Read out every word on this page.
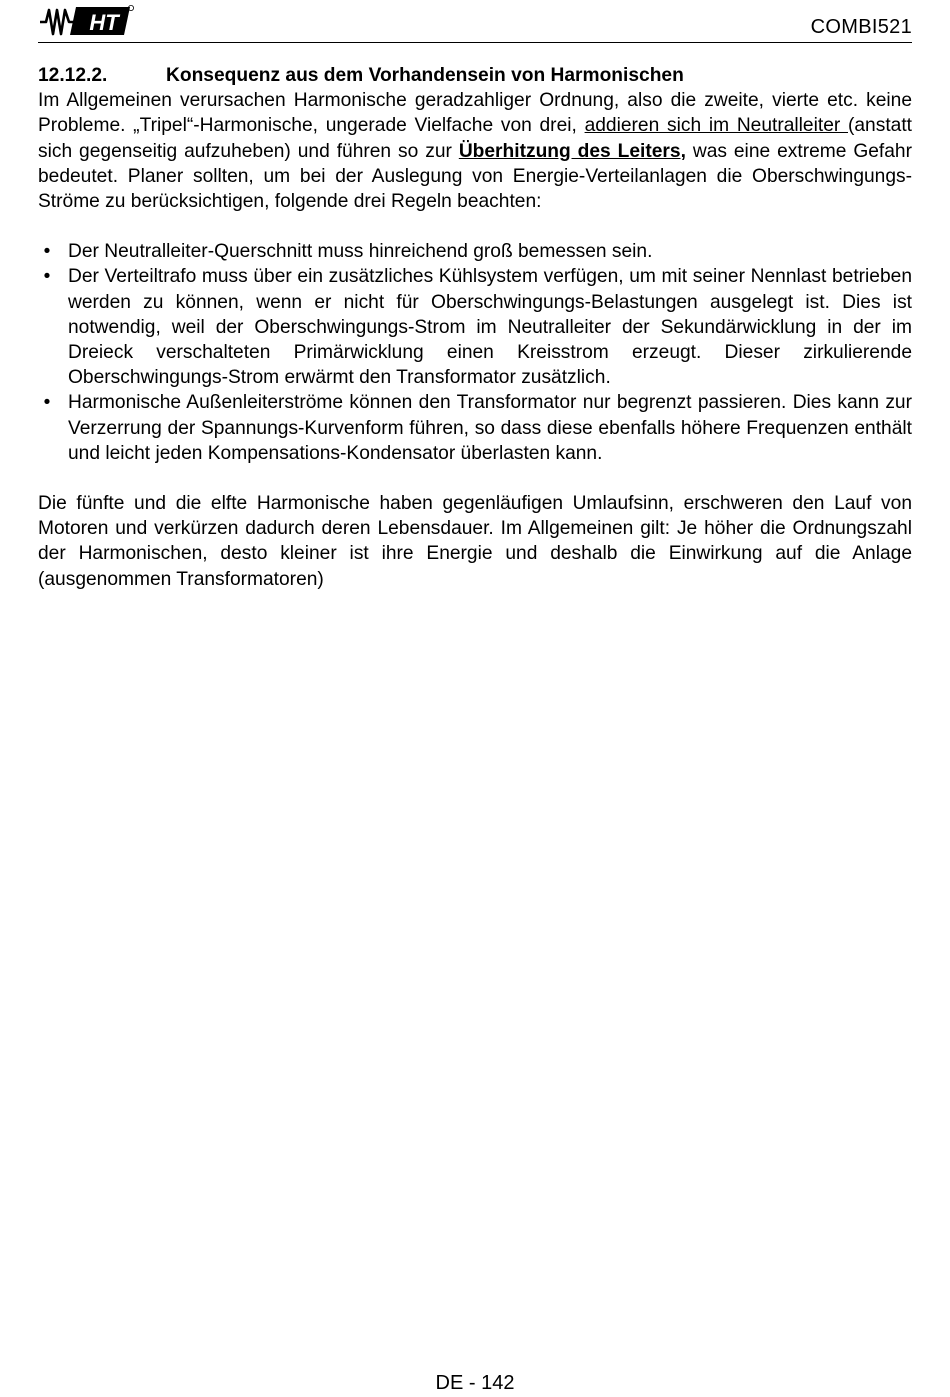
HT	COMBI521
12.12.2.	Konsequenz aus dem Vorhandensein von Harmonischen

Im Allgemeinen verursachen Harmonische geradzahliger Ordnung, also die zweite, vierte etc. keine Probleme. „Tripel“-Harmonische, ungerade Vielfache von drei, addieren sich im Neutralleiter (anstatt sich gegenseitig aufzuheben) und führen so zur Überhitzung des Leiters, was eine extreme Gefahr bedeutet. Planer sollten, um bei der Auslegung von Energie-Verteilanlagen die Oberschwingungs-Ströme zu berücksichtigen, folgende drei Regeln beachten:

• Der Neutralleiter-Querschnitt muss hinreichend groß bemessen sein.
• Der Verteiltrafo muss über ein zusätzliches Kühlsystem verfügen, um mit seiner Nennlast betrieben werden zu können, wenn er nicht für Oberschwingungs-Belastungen ausgelegt ist. Dies ist notwendig, weil der Oberschwingungs-Strom im Neutralleiter der Sekundärwicklung in der im Dreieck verschalteten Primärwicklung einen Kreisstrom erzeugt. Dieser zirkulierende Oberschwingungs-Strom erwärmt den Transformator zusätzlich.
• Harmonische Außenleiterströme können den Transformator nur begrenzt passieren. Dies kann zur Verzerrung der Spannungs-Kurvenform führen, so dass diese ebenfalls höhere Frequenzen enthält und leicht jeden Kompensations-Kondensator überlasten kann.

Die fünfte und die elfte Harmonische haben gegenläufigen Umlaufsinn, erschweren den Lauf von Motoren und verkürzen dadurch deren Lebensdauer. Im Allgemeinen gilt: Je höher die Ordnungszahl der Harmonischen, desto kleiner ist ihre Energie und deshalb die Einwirkung auf die Anlage (ausgenommen Transformatoren)

DE - 142
